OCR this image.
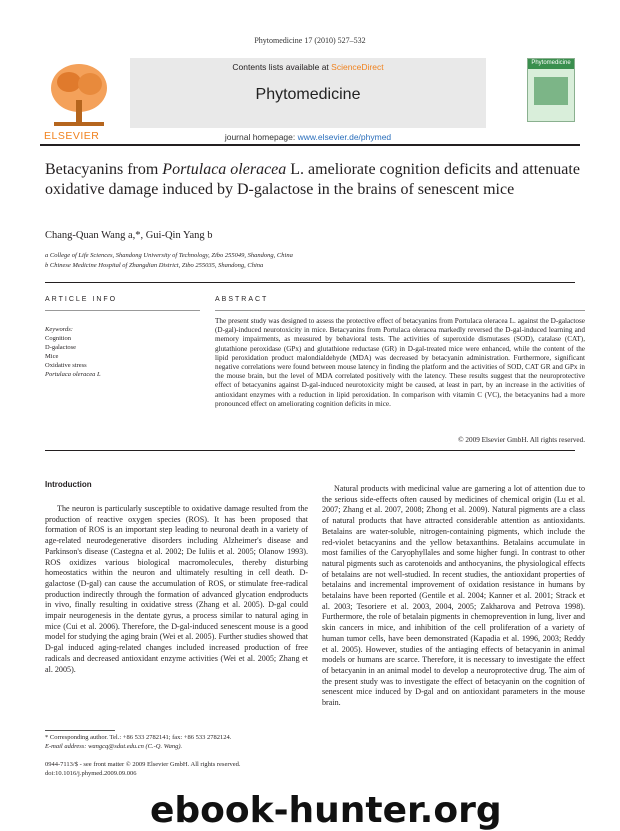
Phytomedicine 17 (2010) 527–532
ELSEVIER
Contents lists available at ScienceDirect
Phytomedicine
journal homepage: www.elsevier.de/phymed
Phytomedicine
Betacyanins from Portulaca oleracea L. ameliorate cognition deficits and attenuate oxidative damage induced by D-galactose in the brains of senescent mice
Chang-Quan Wang a,*, Gui-Qin Yang b
a College of Life Sciences, Shandong University of Technology, Zibo 255049, Shandong, China
b Chinese Medicine Hospital of Zhangdian District, Zibo 255035, Shandong, China
ARTICLE INFO
Keywords:
Cognition
D-galactose
Mice
Oxidative stress
Portulaca oleracea L
ABSTRACT
The present study was designed to assess the protective effect of betacyanins from Portulaca oleracea L. against the D-galactose (D-gal)-induced neurotoxicity in mice. Betacyanins from Portulaca oleracea markedly reversed the D-gal-induced learning and memory impairments, as measured by behavioral tests. The activities of superoxide dismutases (SOD), catalase (CAT), glutathione peroxidase (GPx) and glutathione reductase (GR) in D-gal-treated mice were enhanced, while the content of the lipid peroxidation product malondialdehyde (MDA) was decreased by betacyanin administration. Furthermore, significant negative correlations were found between mouse latency in finding the platform and the activities of SOD, CAT GR and GPx in the mouse brain, but the level of MDA correlated positively with the latency. These results suggest that the neuroprotective effect of betacyanins against D-gal-induced neurotoxicity might be caused, at least in part, by an increase in the activities of antioxidant enzymes with a reduction in lipid peroxidation. In comparison with vitamin C (VC), the betacyanins had a more pronounced effect on ameliorating cognition deficits in mice.
© 2009 Elsevier GmbH. All rights reserved.
Introduction
The neuron is particularly susceptible to oxidative damage resulted from the production of reactive oxygen species (ROS). It has been proposed that formation of ROS is an important step leading to neuronal death in a variety of age-related neurodegenerative disorders including Alzheimer's disease and Parkinson's disease (Castegna et al. 2002; De Iuliis et al. 2005; Olanow 1993). ROS oxidizes various biological macromolecules, thereby disturbing homeostatics within the neuron and ultimately resulting in cell death. D-galactose (D-gal) can cause the accumulation of ROS, or stimulate free-radical production indirectly through the formation of advanced glycation endproducts in vivo, finally resulting in oxidative stress (Zhang et al. 2005). D-gal could impair neurogenesis in the dentate gyrus, a process similar to natural aging in mice (Cui et al. 2006). Therefore, the D-gal-induced senescent mouse is a good model for studying the aging brain (Wei et al. 2005). Further studies showed that D-gal induced aging-related changes included increased production of free radicals and decreased antioxidant enzyme activities (Wei et al. 2005; Zhang et al. 2005).
Natural products with medicinal value are garnering a lot of attention due to the serious side-effects often caused by medicines of chemical origin (Lu et al. 2007; Zhang et al. 2007, 2008; Zhong et al. 2009). Natural pigments are a class of natural products that have attracted considerable attention as antioxidants. Betalains are water-soluble, nitrogen-containing pigments, which include the red-violet betacyanins and the yellow betaxanthins. Betalains accumulate in most families of the Caryophyllales and some higher fungi. In contrast to other natural pigments such as carotenoids and anthocyanins, the physiological effects of betalains are not well-studied. In recent studies, the antioxidant properties of betalains and incremental improvement of oxidation resistance in humans by betalains have been reported (Gentile et al. 2004; Kanner et al. 2001; Strack et al. 2003; Tesoriere et al. 2003, 2004, 2005; Zakharova and Petrova 1998). Furthermore, the role of betalain pigments in chemoprevention in lung, liver and skin cancers in mice, and inhibition of the cell proliferation of a variety of human tumor cells, have been demonstrated (Kapadia et al. 1996, 2003; Reddy et al. 2005). However, studies of the antiaging effects of betacyanin in animal models or humans are scarce. Therefore, it is necessary to investigate the effect of betacyanin in an animal model to develop a neuroprotective drug. The aim of the present study was to investigate the effect of betacyanin on the cognition of senescent mice induced by D-gal and on antioxidant parameters in the mouse brain.
* Corresponding author. Tel.: +86 533 2782141; fax: +86 533 2782124.
E-mail address: wangcq@sdut.edu.cn (C.-Q. Wang).
0944-7113/$ - see front matter © 2009 Elsevier GmbH. All rights reserved.
doi:10.1016/j.phymed.2009.09.006
ebook-hunter.org
